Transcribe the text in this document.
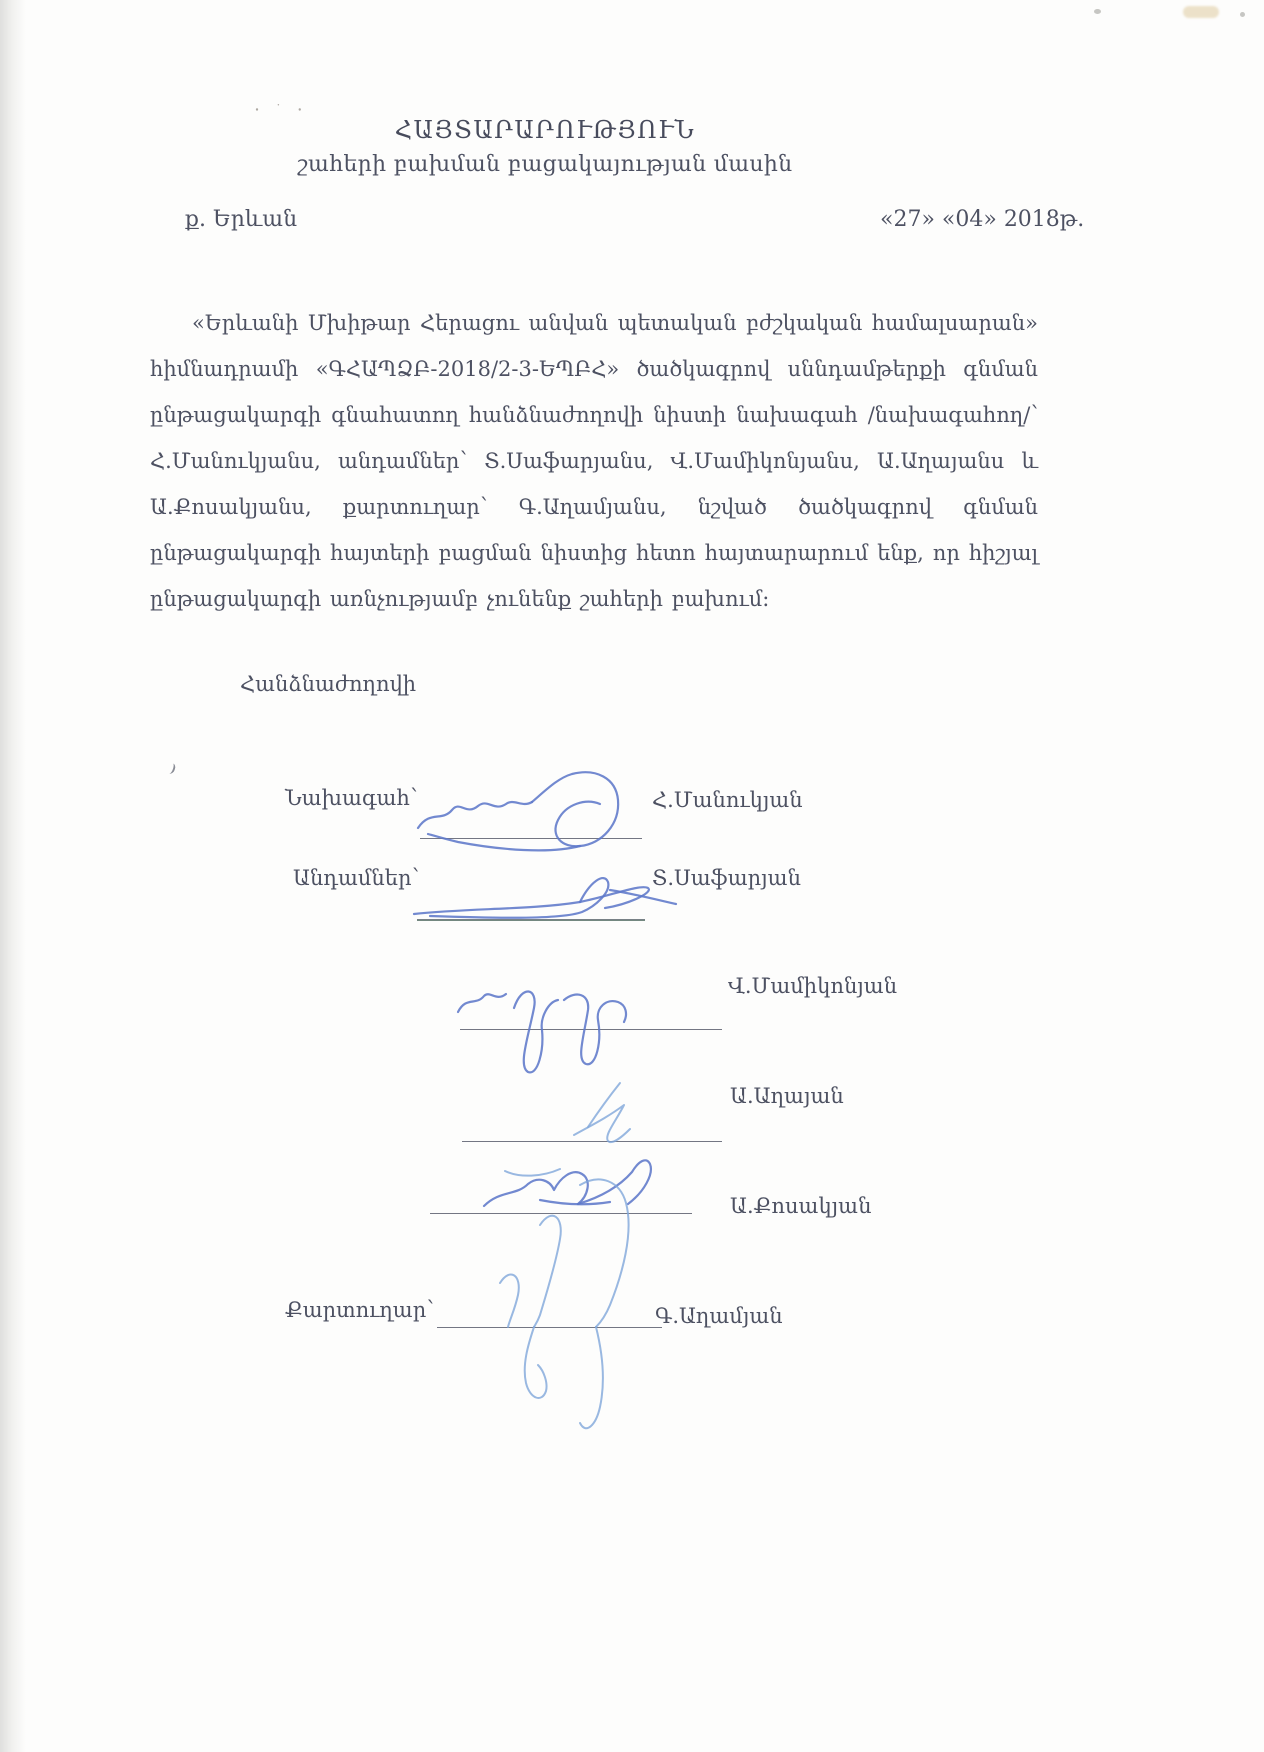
ꞏ ˙ ꞏ
ՀԱՅՏԱՐԱՐՈՒԹՅՈՒՆ
շահերի բախման բացակայության մասին
ք. Երևան	«27» «04» 2018թ.
«Երևանի Մխիթար Հերացու անվան պետական բժշկական համալսարան» հիմնադրամի «ԳՀԱՊՁԲ-2018/2-3-ԵՊԲՀ» ծածկագրով սննդամթերքի գնման ընթացակարգի գնահատող հանձնաժողովի նիստի նախագահ /նախագահող/՝ Հ.Մանուկյանս, անդամներ՝ Տ.Սաֆարյանս, Վ.Մամիկոնյանս, Ա.Աղայանս և Ա.Քոսակյանս, քարտուղար՝ Գ.Աղամյանս, նշված ծածկագրով գնման ընթացակարգի հայտերի բացման նիստից հետո հայտարարում ենք, որ հիշյալ ընթացակարգի առնչությամբ չունենք շահերի բախում։
Հանձնաժողովի
Նախագահ՝	Հ.Մանուկյան
Անդամներ՝	Տ.Սաֆարյան
Վ.Մամիկոնյան
Ա.Աղայան
Ա.Քոսակյան
Քարտուղար՝	Գ.Աղամյան
